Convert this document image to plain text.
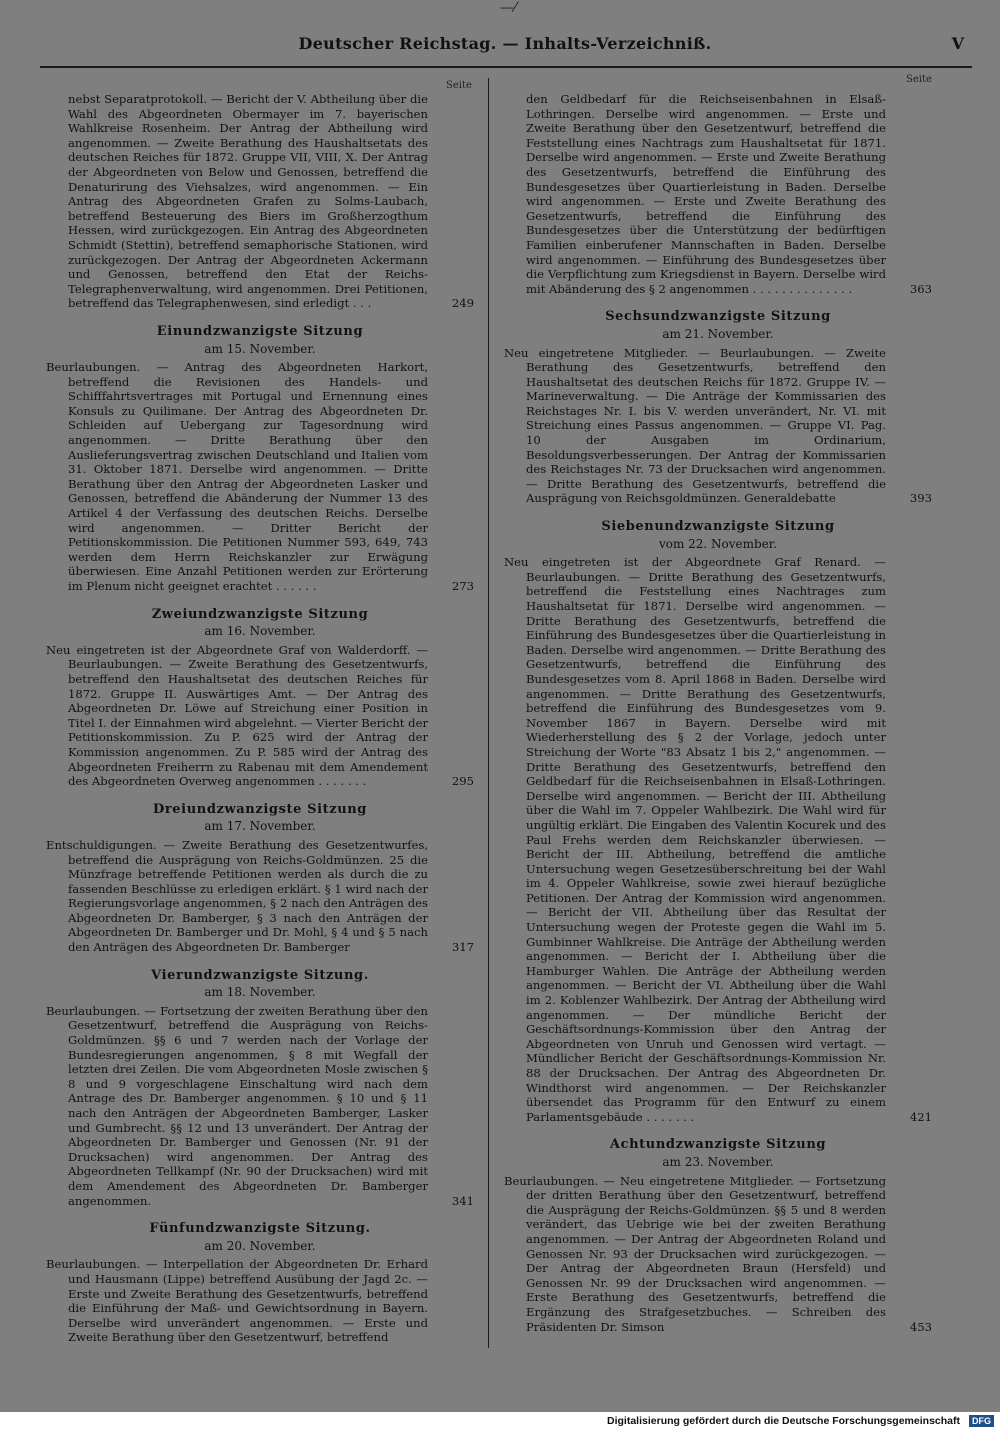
—⁄
Deutscher Reichstag. — Inhalts-Verzeichniß.	V
Seite
Seite
nebst Separatprotokoll. — Bericht der V. Abtheilung über die Wahl des Abgeordneten Obermayer im 7. bayerischen Wahlkreise Rosenheim. Der Antrag der Abtheilung wird angenommen. — Zweite Berathung des Haushaltsetats des deutschen Reiches für 1872. Gruppe VII, VIII, X. Der Antrag der Abgeordneten von Below und Genossen, betreffend die Denaturirung des Viehsalzes, wird angenommen. — Ein Antrag des Abgeordneten Grafen zu Solms-Laubach, betreffend Besteuerung des Biers im Großherzogthum Hessen, wird zurückgezogen. Ein Antrag des Abgeordneten Schmidt (Stettin), betreffend semaphorische Stationen, wird zurückgezogen. Der Antrag der Abgeordneten Ackermann und Genossen, betreffend den Etat der Reichs-Telegraphenverwaltung, wird angenommen. Drei Petitionen, betreffend das Telegraphenwesen, sind erledigt . . .	249
Einundzwanzigste Sitzung
am 15. November.
Beurlaubungen. — Antrag des Abgeordneten Harkort, betreffend die Revisionen des Handels- und Schifffahrtsvertrages mit Portugal und Ernennung eines Konsuls zu Quilimane. Der Antrag des Abgeordneten Dr. Schleiden auf Uebergang zur Tagesordnung wird angenommen. — Dritte Berathung über den Auslieferungsvertrag zwischen Deutschland und Italien vom 31. Oktober 1871. Derselbe wird angenommen. — Dritte Berathung über den Antrag der Abgeordneten Lasker und Genossen, betreffend die Abänderung der Nummer 13 des Artikel 4 der Verfassung des deutschen Reichs. Derselbe wird angenommen. — Dritter Bericht der Petitionskommission. Die Petitionen Nummer 593, 649, 743 werden dem Herrn Reichskanzler zur Erwägung überwiesen. Eine Anzahl Petitionen werden zur Erörterung im Plenum nicht geeignet erachtet . . . . . .	273
Zweiundzwanzigste Sitzung
am 16. November.
Neu eingetreten ist der Abgeordnete Graf von Walderdorff. — Beurlaubungen. — Zweite Berathung des Gesetzentwurfs, betreffend den Haushaltsetat des deutschen Reiches für 1872. Gruppe II. Auswärtiges Amt. — Der Antrag des Abgeordneten Dr. Löwe auf Streichung einer Position in Titel I. der Einnahmen wird abgelehnt. — Vierter Bericht der Petitionskommission. Zu P. 625 wird der Antrag der Kommission angenommen. Zu P. 585 wird der Antrag des Abgeordneten Freiherrn zu Rabenau mit dem Amendement des Abgeordneten Overweg angenommen . . . . . . .	295
Dreiundzwanzigste Sitzung
am 17. November.
Entschuldigungen. — Zweite Berathung des Gesetzentwurfes, betreffend die Ausprägung von Reichs-Goldmünzen. 25 die Münzfrage betreffende Petitionen werden als durch die zu fassenden Beschlüsse zu erledigen erklärt. § 1 wird nach der Regierungsvorlage angenommen, § 2 nach den Anträgen des Abgeordneten Dr. Bamberger, § 3 nach den Anträgen der Abgeordneten Dr. Bamberger und Dr. Mohl, § 4 und § 5 nach den Anträgen des Abgeordneten Dr. Bamberger	317
Vierundzwanzigste Sitzung.
am 18. November.
Beurlaubungen. — Fortsetzung der zweiten Berathung über den Gesetzentwurf, betreffend die Ausprägung von Reichs-Goldmünzen. §§ 6 und 7 werden nach der Vorlage der Bundesregierungen angenommen, § 8 mit Wegfall der letzten drei Zeilen. Die vom Abgeordneten Mosle zwischen § 8 und 9 vorgeschlagene Einschaltung wird nach dem Antrage des Dr. Bamberger angenommen. § 10 und § 11 nach den Anträgen der Abgeordneten Bamberger, Lasker und Gumbrecht. §§ 12 und 13 unverändert. Der Antrag der Abgeordneten Dr. Bamberger und Genossen (Nr. 91 der Drucksachen) wird angenommen. Der Antrag des Abgeordneten Tellkampf (Nr. 90 der Drucksachen) wird mit dem Amendement des Abgeordneten Dr. Bamberger angenommen.	341
Fünfundzwanzigste Sitzung.
am 20. November.
Beurlaubungen. — Interpellation der Abgeordneten Dr. Erhard und Hausmann (Lippe) betreffend Ausübung der Jagd 2c. — Erste und Zweite Berathung des Gesetzentwurfs, betreffend die Einführung der Maß- und Gewichtsordnung in Bayern. Derselbe wird unverändert angenommen. — Erste und Zweite Berathung über den Gesetzentwurf, betreffend
den Geldbedarf für die Reichseisenbahnen in Elsaß-Lothringen. Derselbe wird angenommen. — Erste und Zweite Berathung über den Gesetzentwurf, betreffend die Feststellung eines Nachtrags zum Haushaltsetat für 1871. Derselbe wird angenommen. — Erste und Zweite Berathung des Gesetzentwurfs, betreffend die Einführung des Bundesgesetzes über Quartierleistung in Baden. Derselbe wird angenommen. — Erste und Zweite Berathung des Gesetzentwurfs, betreffend die Einführung des Bundesgesetzes über die Unterstützung der bedürftigen Familien einberufener Mannschaften in Baden. Derselbe wird angenommen. — Einführung des Bundesgesetzes über die Verpflichtung zum Kriegsdienst in Bayern. Derselbe wird mit Abänderung des § 2 angenommen . . . . . . . . . . . . . .	363
Sechsundzwanzigste Sitzung
am 21. November.
Neu eingetretene Mitglieder. — Beurlaubungen. — Zweite Berathung des Gesetzentwurfs, betreffend den Haushaltsetat des deutschen Reichs für 1872. Gruppe IV. — Marineverwaltung. — Die Anträge der Kommissarien des Reichstages Nr. I. bis V. werden unverändert, Nr. VI. mit Streichung eines Passus angenommen. — Gruppe VI. Pag. 10 der Ausgaben im Ordinarium, Besoldungsverbesserungen. Der Antrag der Kommissarien des Reichstages Nr. 73 der Drucksachen wird angenommen. — Dritte Berathung des Gesetzentwurfs, betreffend die Ausprägung von Reichsgoldmünzen. Generaldebatte	393
Siebenundzwanzigste Sitzung
vom 22. November.
Neu eingetreten ist der Abgeordnete Graf Renard. — Beurlaubungen. — Dritte Berathung des Gesetzentwurfs, betreffend die Feststellung eines Nachtrages zum Haushaltsetat für 1871. Derselbe wird angenommen. — Dritte Berathung des Gesetzentwurfs, betreffend die Einführung des Bundesgesetzes über die Quartierleistung in Baden. Derselbe wird angenommen. — Dritte Berathung des Gesetzentwurfs, betreffend die Einführung des Bundesgesetzes vom 8. April 1868 in Baden. Derselbe wird angenommen. — Dritte Berathung des Gesetzentwurfs, betreffend die Einführung des Bundesgesetzes vom 9. November 1867 in Bayern. Derselbe wird mit Wiederherstellung des § 2 der Vorlage, jedoch unter Streichung der Worte "83 Absatz 1 bis 2," angenommen. — Dritte Berathung des Gesetzentwurfs, betreffend den Geldbedarf für die Reichseisenbahnen in Elsaß-Lothringen. Derselbe wird angenommen. — Bericht der III. Abtheilung über die Wahl im 7. Oppeler Wahlbezirk. Die Wahl wird für ungültig erklärt. Die Eingaben des Valentin Kocurek und des Paul Frehs werden dem Reichskanzler überwiesen. — Bericht der III. Abtheilung, betreffend die amtliche Untersuchung wegen Gesetzesüberschreitung bei der Wahl im 4. Oppeler Wahlkreise, sowie zwei hierauf bezügliche Petitionen. Der Antrag der Kommission wird angenommen. — Bericht der VII. Abtheilung über das Resultat der Untersuchung wegen der Proteste gegen die Wahl im 5. Gumbinner Wahlkreise. Die Anträge der Abtheilung werden angenommen. — Bericht der I. Abtheilung über die Hamburger Wahlen. Die Anträge der Abtheilung werden angenommen. — Bericht der VI. Abtheilung über die Wahl im 2. Koblenzer Wahlbezirk. Der Antrag der Abtheilung wird angenommen. — Der mündliche Bericht der Geschäftsordnungs-Kommission über den Antrag der Abgeordneten von Unruh und Genossen wird vertagt. — Mündlicher Bericht der Geschäftsordnungs-Kommission Nr. 88 der Drucksachen. Der Antrag des Abgeordneten Dr. Windthorst wird angenommen. — Der Reichskanzler übersendet das Programm für den Entwurf zu einem Parlamentsgebäude . . . . . . .	421
Achtundzwanzigste Sitzung
am 23. November.
Beurlaubungen. — Neu eingetretene Mitglieder. — Fortsetzung der dritten Berathung über den Gesetzentwurf, betreffend die Ausprägung der Reichs-Goldmünzen. §§ 5 und 8 werden verändert, das Uebrige wie bei der zweiten Berathung angenommen. — Der Antrag der Abgeordneten Roland und Genossen Nr. 93 der Drucksachen wird zurückgezogen. — Der Antrag der Abgeordneten Braun (Hersfeld) und Genossen Nr. 99 der Drucksachen wird angenommen. — Erste Berathung des Gesetzentwurfs, betreffend die Ergänzung des Strafgesetzbuches. — Schreiben des Präsidenten Dr. Simson	453
Digitalisierung gefördert durch die Deutsche Forschungsgemeinschaft	DFG
